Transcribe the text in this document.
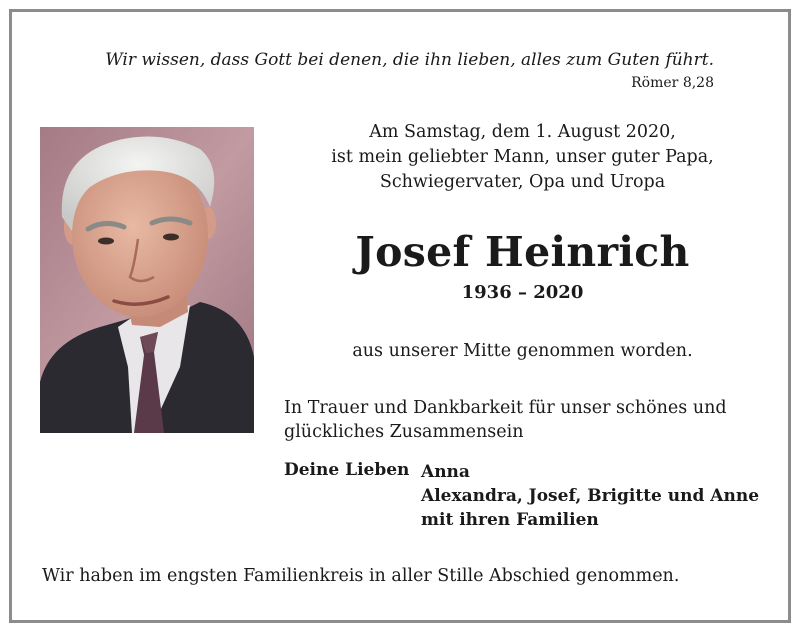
Wir wissen, dass Gott bei denen, die ihn lieben, alles zum Guten führt.
Römer 8,28
Am Samstag, dem 1. August 2020,
ist mein geliebter Mann, unser guter Papa,
Schwiegervater, Opa und Uropa
Josef Heinrich
1936 – 2020
aus unserer Mitte genommen worden.
In Trauer und Dankbarkeit für unser schönes und
glückliches Zusammensein
Deine Lieben Anna
Alexandra, Josef, Brigitte und Anne
mit ihren Familien
Wir haben im engsten Familienkreis in aller Stille Abschied genommen.
